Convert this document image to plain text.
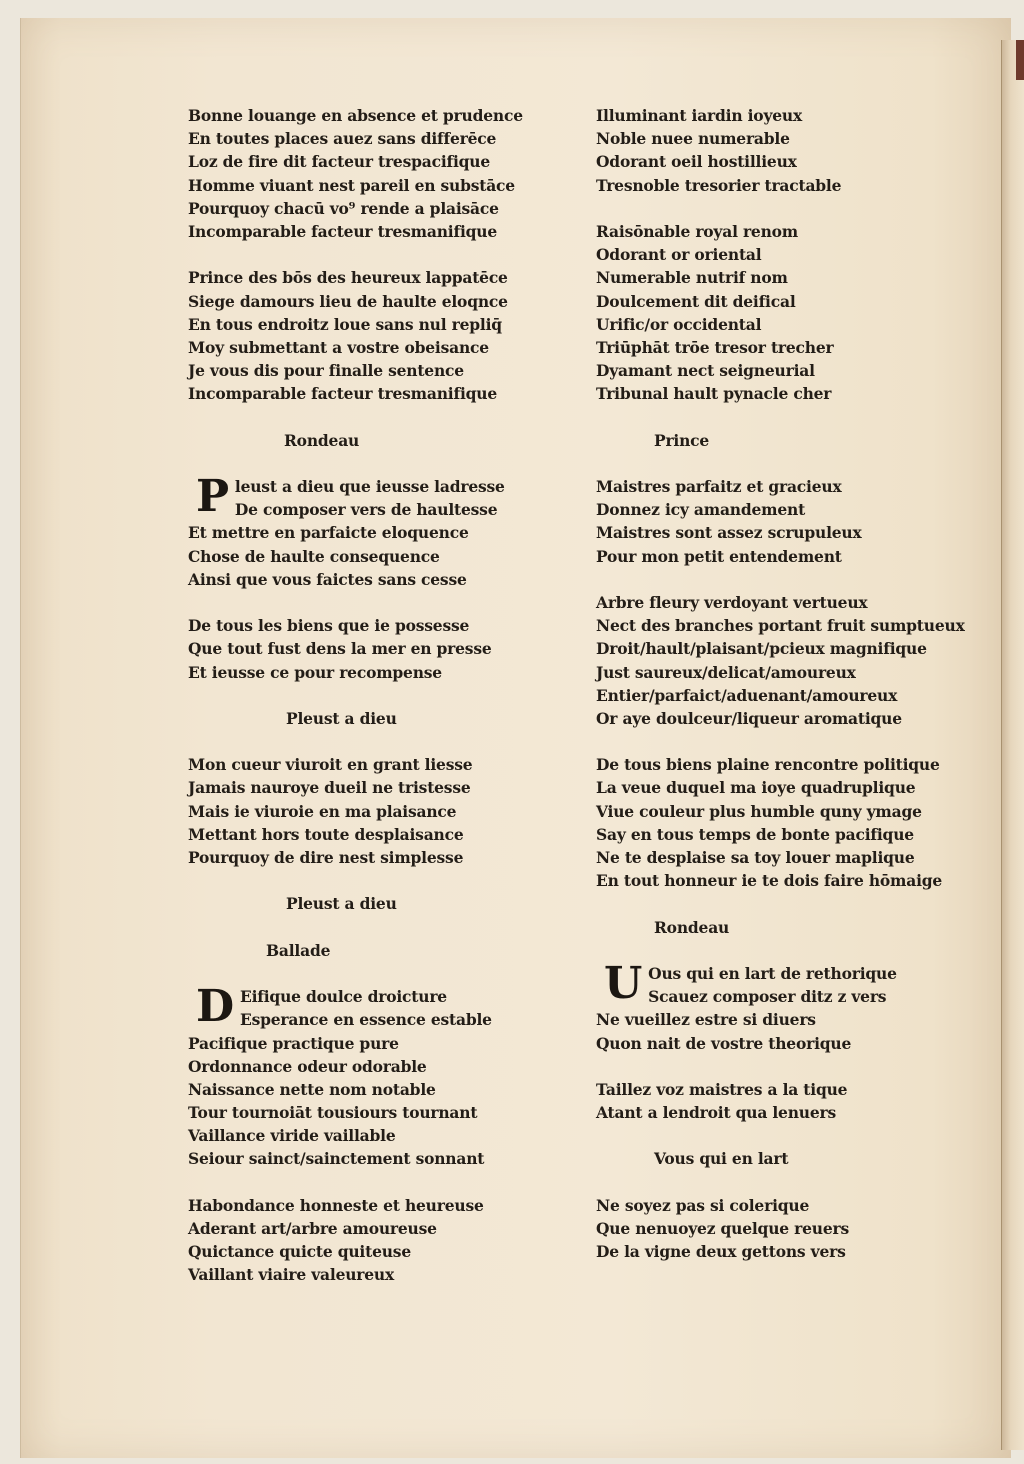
Bonne louange en absence et prudence
En toutes places auez sans differēce
Loz de fire dit facteur trespacifique
Homme viuant nest pareil en substāce
Pourquoy chacū vo⁹ rende a plaisāce
Incomparable facteur tresmanifique
Prince des bōs des heureux lappatēce
Siege damours lieu de haulte eloqnce
En tous endroitz loue sans nul repliq̄
Moy submettant a vostre obeisance
Je vous dis pour finalle sentence
Incomparable facteur tresmanifique
Rondeau
P leust a dieu que ieusse ladresse
De composer vers de haultesse
Et mettre en parfaicte eloquence
Chose de haulte consequence
Ainsi que vous faictes sans cesse
De tous les biens que ie possesse
Que tout fust dens la mer en presse
Et ieusse ce pour recompense
Pleust a dieu
Mon cueur viuroit en grant liesse
Jamais nauroye dueil ne tristesse
Mais ie viuroie en ma plaisance
Mettant hors toute desplaisance
Pourquoy de dire nest simplesse
Pleust a dieu
Ballade
D Eifique doulce droicture
Esperance en essence estable
Pacifique practique pure
Ordonnance odeur odorable
Naissance nette nom notable
Tour tournoiāt tousiours tournant
Vaillance viride vaillable
Seiour sainct/sainctement sonnant
Habondance honneste et heureuse
Aderant art/arbre amoureuse
Quictance quicte quiteuse
Vaillant viaire valeureux
Illuminant iardin ioyeux
Noble nuee numerable
Odorant oeil hostillieux
Tresnoble tresorier tractable
Raisōnable royal renom
Odorant or oriental
Numerable nutrif nom
Doulcement dit deifical
Urific/or occidental
Triūphāt trōe tresor trecher
Dyamant nect seigneurial
Tribunal hault pynacle cher
Prince
Maistres parfaitz et gracieux
Donnez icy amandement
Maistres sont assez scrupuleux
Pour mon petit entendement
Arbre fleury verdoyant vertueux
Nect des branches portant fruit sumptueux
Droit/hault/plaisant/pcieux magnifique
Just saureux/delicat/amoureux
Entier/parfaict/aduenant/amoureux
Or aye doulceur/liqueur aromatique
De tous biens plaine rencontre politique
La veue duquel ma ioye quadruplique
Viue couleur plus humble quny ymage
Say en tous temps de bonte pacifique
Ne te desplaise sa toy louer maplique
En tout honneur ie te dois faire hōmaige
Rondeau
U Ous qui en lart de rethorique
Scauez composer ditz z vers
Ne vueillez estre si diuers
Quon nait de vostre theorique
Taillez voz maistres a la tique
Atant a lendroit qua lenuers
Vous qui en lart
Ne soyez pas si colerique
Que nenuoyez quelque reuers
De la vigne deux gettons vers
